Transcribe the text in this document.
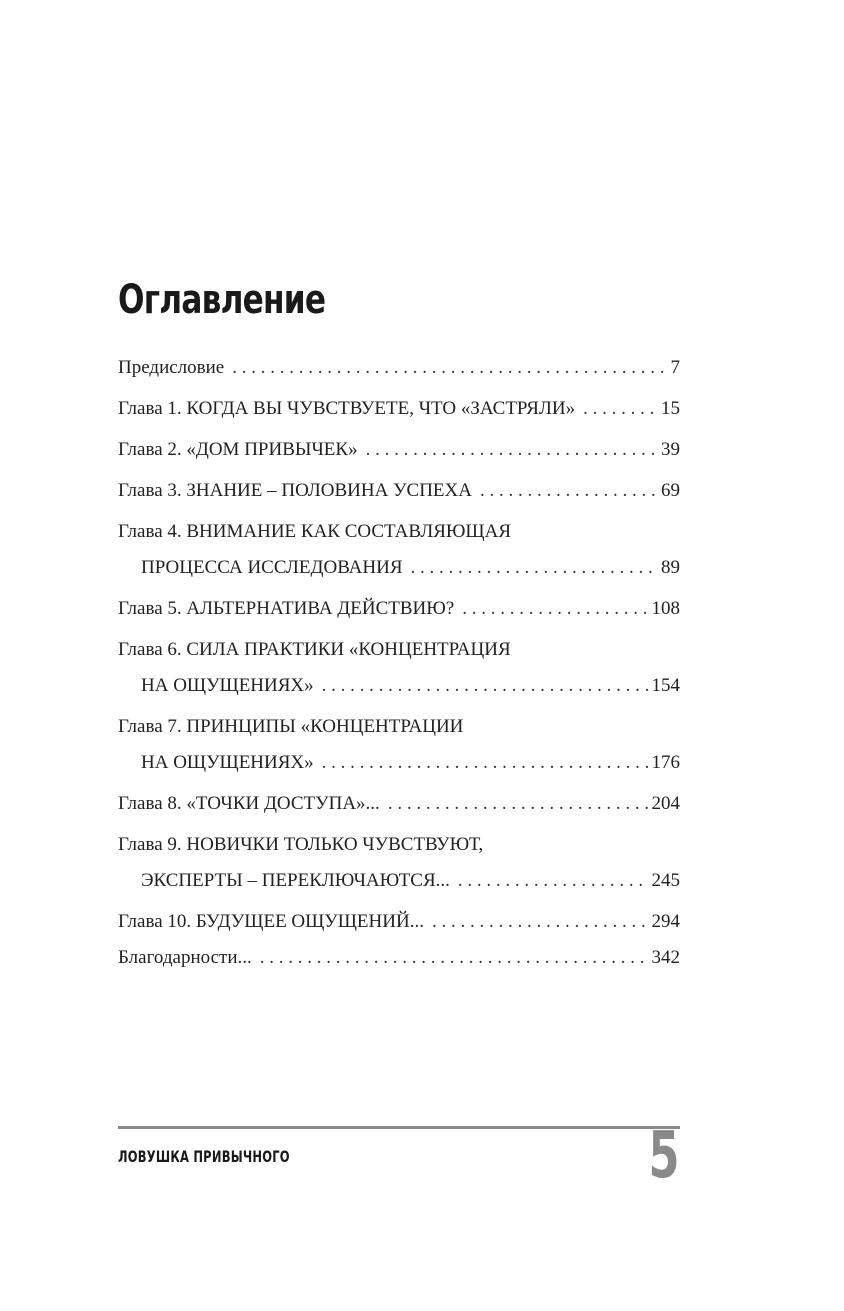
Оглавление
Предисловие . . .	7
Глава 1. КОГДА ВЫ ЧУВСТВУЕТЕ, ЧТО «ЗАСТРЯЛИ» . . .	15
Глава 2. «ДОМ ПРИВЫЧЕК» . . .	39
Глава 3. ЗНАНИЕ – ПОЛОВИНА УСПЕХА . . .	69
Глава 4. ВНИМАНИЕ КАК СОСТАВЛЯЮЩАЯ
ПРОЦЕССА ИССЛЕДОВАНИЯ . . .	89
Глава 5. АЛЬТЕРНАТИВА ДЕЙСТВИЮ? . . .	108
Глава 6. СИЛА ПРАКТИКИ «КОНЦЕНТРАЦИЯ
НА ОЩУЩЕНИЯХ» . . .	154
Глава 7. ПРИНЦИПЫ «КОНЦЕНТРАЦИИ
НА ОЩУЩЕНИЯХ» . . .	176
Глава 8. «ТОЧКИ ДОСТУПА»... . . .	204
Глава 9. НОВИЧКИ ТОЛЬКО ЧУВСТВУЮТ,
ЭКСПЕРТЫ – ПЕРЕКЛЮЧАЮТСЯ... . . .	245
Глава 10. БУДУЩЕЕ ОЩУЩЕНИЙ... . . .	294
Благодарности... . . .	342
ЛОВУШКА ПРИВЫЧНОГО	5
